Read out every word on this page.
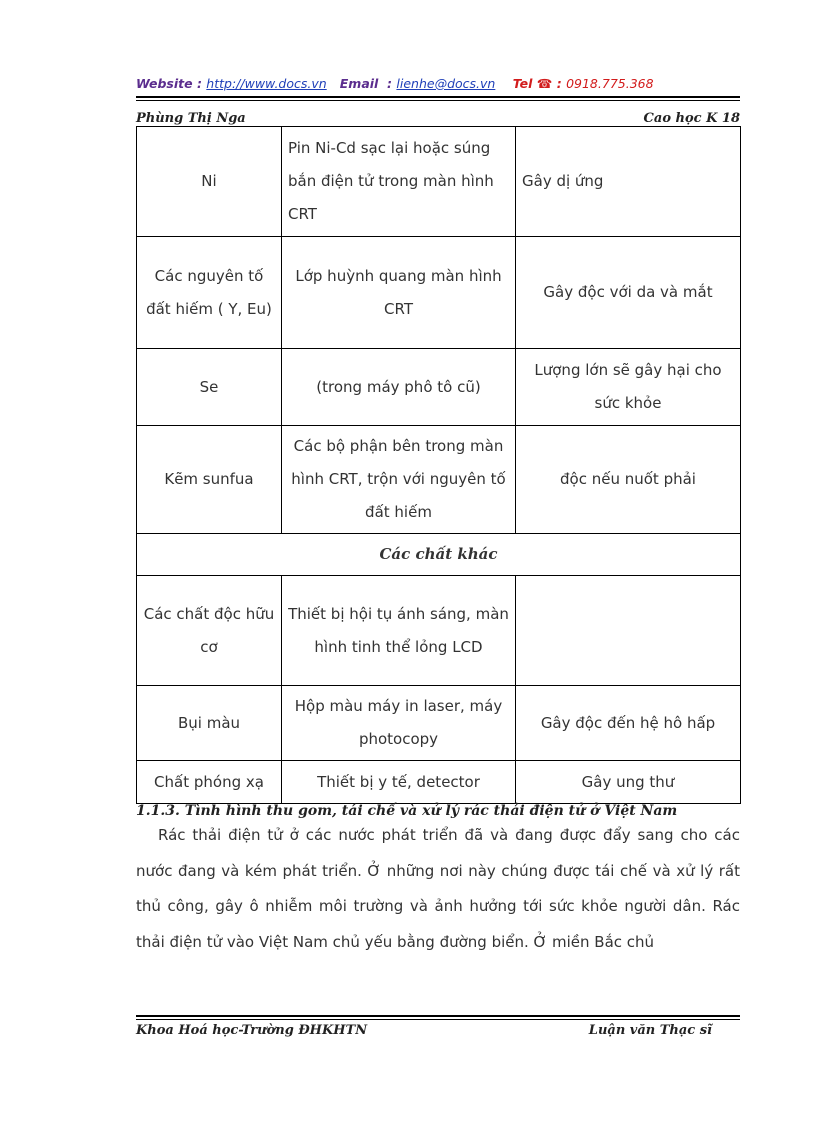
Website : http://www.docs.vn Email  : lienhe@docs.vn Tel ☎ : 0918.775.368
Phùng Thị Nga	Cao học K 18
Ni	Pin Ni-Cd sạc lại hoặc súng bắn điện tử trong màn hình CRT	Gây dị ứng
Các nguyên tố đất hiếm ( Y, Eu)	Lớp huỳnh quang màn hình CRT	Gây độc với da và mắt
Se	(trong máy phô tô cũ)	Lượng lớn sẽ gây hại cho sức khỏe
Kẽm sunfua	Các bộ phận bên trong màn hình CRT, trộn với nguyên tố đất hiếm	độc nếu nuốt phải
Các chất khác		
Các chất độc hữu cơ	Thiết bị hội tụ ánh sáng, màn hình tinh thể lỏng LCD	
Bụi màu	Hộp màu máy in laser, máy photocopy	Gây độc đến hệ hô hấp
Chất phóng xạ	Thiết bị y tế, detector	Gây ung thư
1.1.3. Tình hình thu gom, tái chế và xử lý rác thải điện tử ở Việt Nam
Rác thải điện tử ở các nước phát triển đã và đang được đẩy sang cho các nước đang và kém phát triển. Ở những nơi này chúng được tái chế và xử lý rất thủ công, gây ô nhiễm môi trường và ảnh hưởng tới sức khỏe người dân. Rác thải điện tử vào Việt Nam chủ yếu bằng đường biển. Ở miền Bắc chủ
Khoa Hoá học-Trường ĐHKHTN	Luận văn Thạc sĩ
